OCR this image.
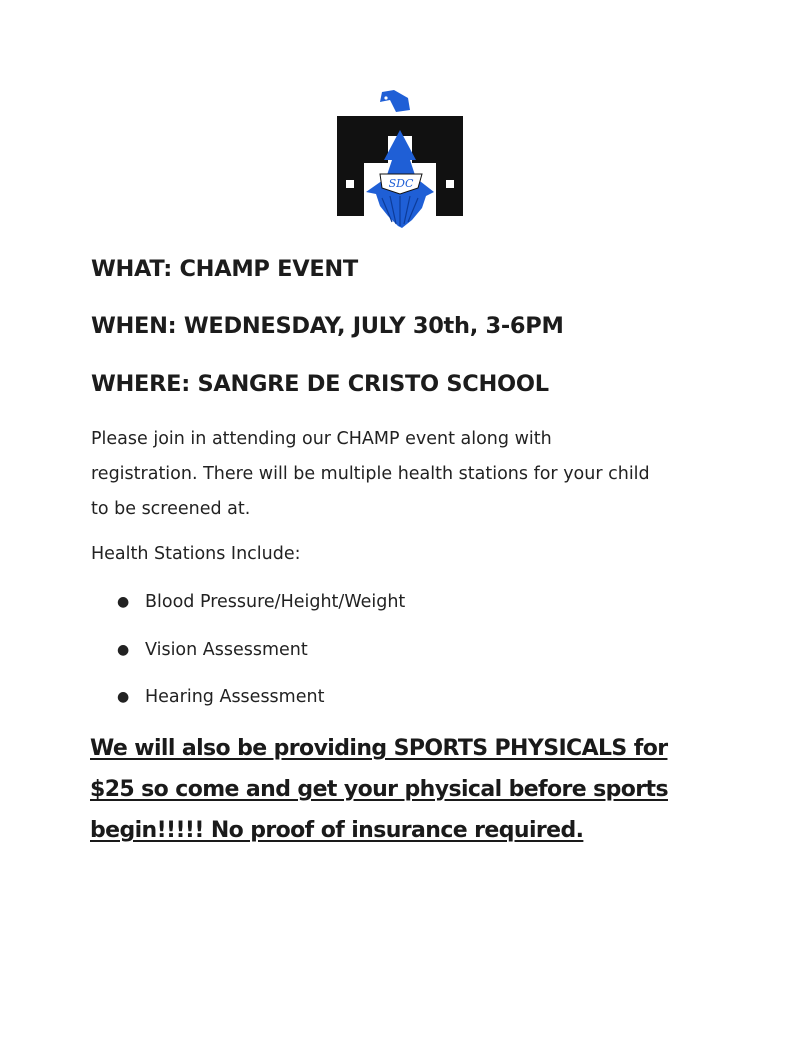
SDC
WHAT: CHAMP EVENT
WHEN: WEDNESDAY, JULY 30th, 3-6PM
WHERE: SANGRE DE CRISTO SCHOOL

Please join in attending our CHAMP event along with
registration. There will be multiple health stations for your child
to be screened at.

Health Stations Include:

● Blood Pressure/Height/Weight
● Vision Assessment
● Hearing Assessment

We will also be providing SPORTS PHYSICALS for
$25 so come and get your physical before sports
begin!!!!! No proof of insurance required.
